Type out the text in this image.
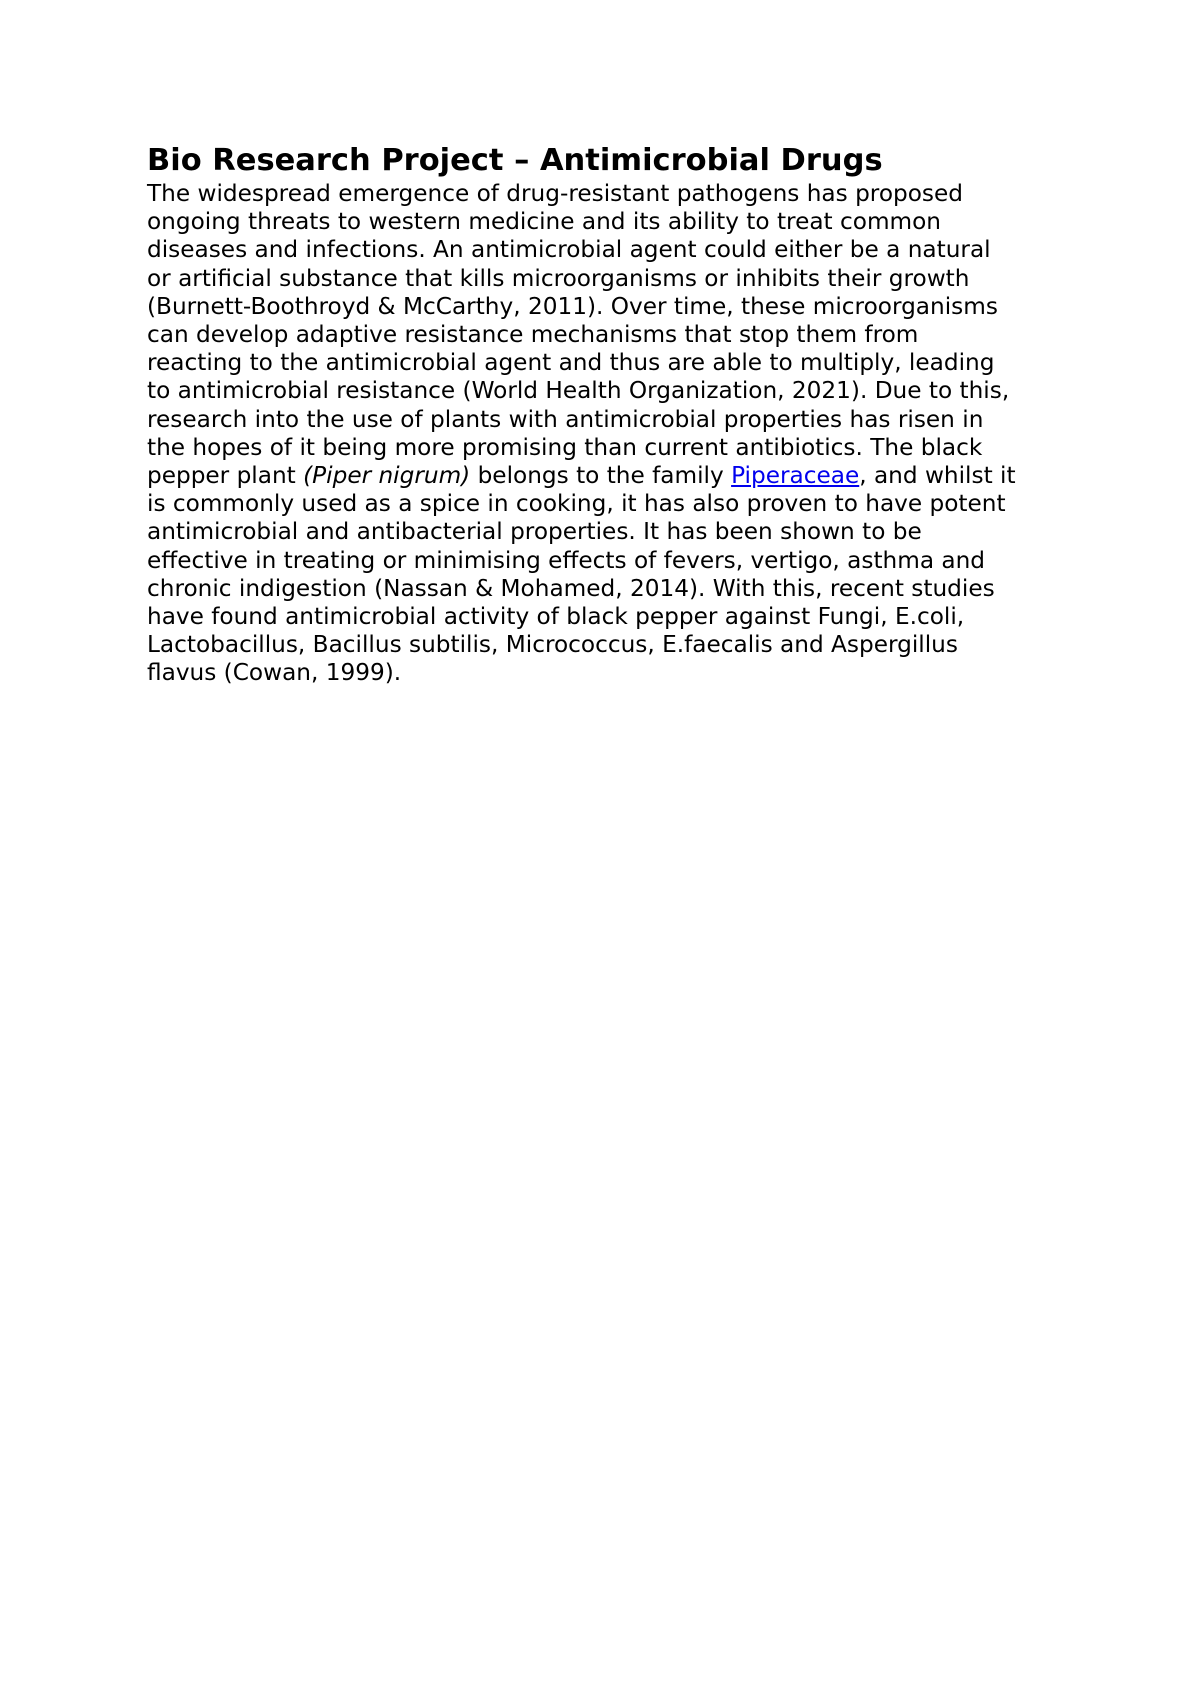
Bio Research Project – Antimicrobial Drugs

The widespread emergence of drug-resistant pathogens has proposed
ongoing threats to western medicine and its ability to treat common
diseases and infections. An antimicrobial agent could either be a natural
or artificial substance that kills microorganisms or inhibits their growth
(Burnett-Boothroyd & McCarthy, 2011). Over time, these microorganisms
can develop adaptive resistance mechanisms that stop them from
reacting to the antimicrobial agent and thus are able to multiply, leading
to antimicrobial resistance (World Health Organization, 2021). Due to this,
research into the use of plants with antimicrobial properties has risen in
the hopes of it being more promising than current antibiotics. The black
pepper plant (Piper nigrum) belongs to the family Piperaceae, and whilst it
is commonly used as a spice in cooking, it has also proven to have potent
antimicrobial and antibacterial properties. It has been shown to be
effective in treating or minimising effects of fevers, vertigo, asthma and
chronic indigestion (Nassan & Mohamed, 2014). With this, recent studies
have found antimicrobial activity of black pepper against Fungi, E.coli,
Lactobacillus, Bacillus subtilis, Micrococcus, E.faecalis and Aspergillus
flavus (Cowan, 1999).
